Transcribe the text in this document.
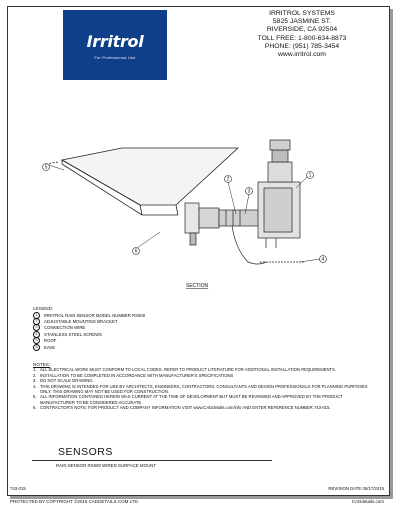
Irritrol
For Professional Use
IRRITROL SYSTEMS
5825 JASMINE ST.
RIVERSIDE, CA 92504
TOLL FREE: 1-800-634-8873
PHONE: (951) 785-3454
www.irritrol.com
1
2
3
4
5
6
SECTION
LEGEND:
1	IRRITROL RAIN SENSOR MODEL NUMBER RS500
2	ADJUSTABLE MOUNTING BRACKET
3	CONNECTION WIRE
4	STAINLESS STEEL SCREWS
5	ROOF
6	EAVE
NOTES:
1. ALL ELECTRICAL WORK MUST CONFORM TO LOCAL CODES. REFER TO PRODUCT LITERATURE FOR ADDITIONAL INSTALLATION REQUIREMENTS.
2. INSTALLATION TO BE COMPLETED IN ACCORDANCE WITH MANUFACTURER'S SPECIFICATIONS
3. DO NOT SCALE DRAWING.
4. THIS DRAWING IS INTENDED FOR USE BY ARCHITECTS, ENGINEERS, CONTRACTORS, CONSULTANTS AND DESIGN PROFESSIONALS FOR PLANNING PURPOSES ONLY. THIS DRAWING MAY NOT BE USED FOR CONSTRUCTION.
5. ALL INFORMATION CONTAINED HEREIN WAS CURRENT AT THE TIME OF DEVELOPMENT BUT MUST BE REVIEWED AND APPROVED BY THE PRODUCT MANUFACTURER TO BE CONSIDERED ACCURATE.
6. CONTRACTOR'S NOTE: FOR PRODUCT AND COMPANY INFORMATION VISIT www.CADdetails.com/info AND ENTER REFERENCE NUMBER 743-015.
SENSORS
RAIN SENSOR RS500 WIRED SURFACE MOUNT
743-015	REVISION DATE 06/17/2015
PROTECTED BY COPYRIGHT ©2015 CADDETAILS.COM LTD.	CADdetails.com
